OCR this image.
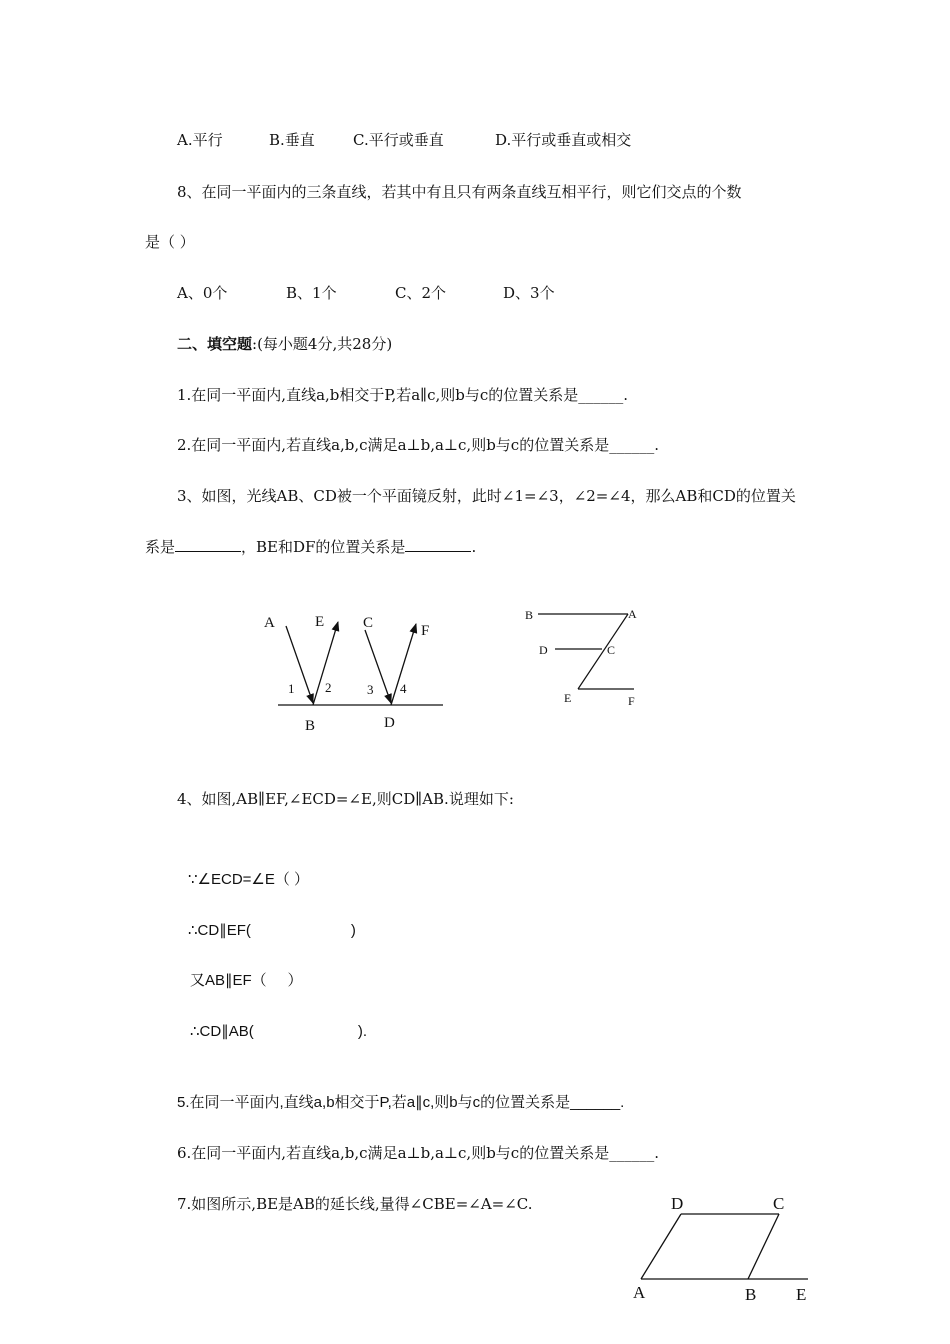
A.平行	B.垂直	C.平行或垂直	D.平行或垂直或相交
8、在同一平面内的三条直线，若其中有且只有两条直线互相平行，则它们交点的个数
是（ ）
A、0个	B、1个	C、2个	D、3个
二、填空题:(每小题4分,共28分)
1.在同一平面内,直线a,b相交于P,若a∥c,则b与c的位置关系是______.
2.在同一平面内,若直线a,b,c满足a⊥b,a⊥c,则b与c的位置关系是______.
3、如图，光线AB、CD被一个平面镜反射，此时∠1=∠3，∠2=∠4，那么AB和CD的位置关
系是	，BE和DF的位置关系是	.
A	E	C	F
1 2	3 4
B	D
B	A
D	C
E	F
4、如图,AB∥EF,∠ECD=∠E,则CD∥AB.说理如下:
∵∠ECD=∠E（ ）
∴CD∥EF(                        )
又AB∥EF（     ）
∴CD∥AB(                         ).
5.在同一平面内,直线a,b相交于P,若a∥c,则b与c的位置关系是______.
6.在同一平面内,若直线a,b,c满足a⊥b,a⊥c,则b与c的位置关系是______.
7.如图所示,BE是AB的延长线,量得∠CBE=∠A=∠C.	D	C
A	B E
